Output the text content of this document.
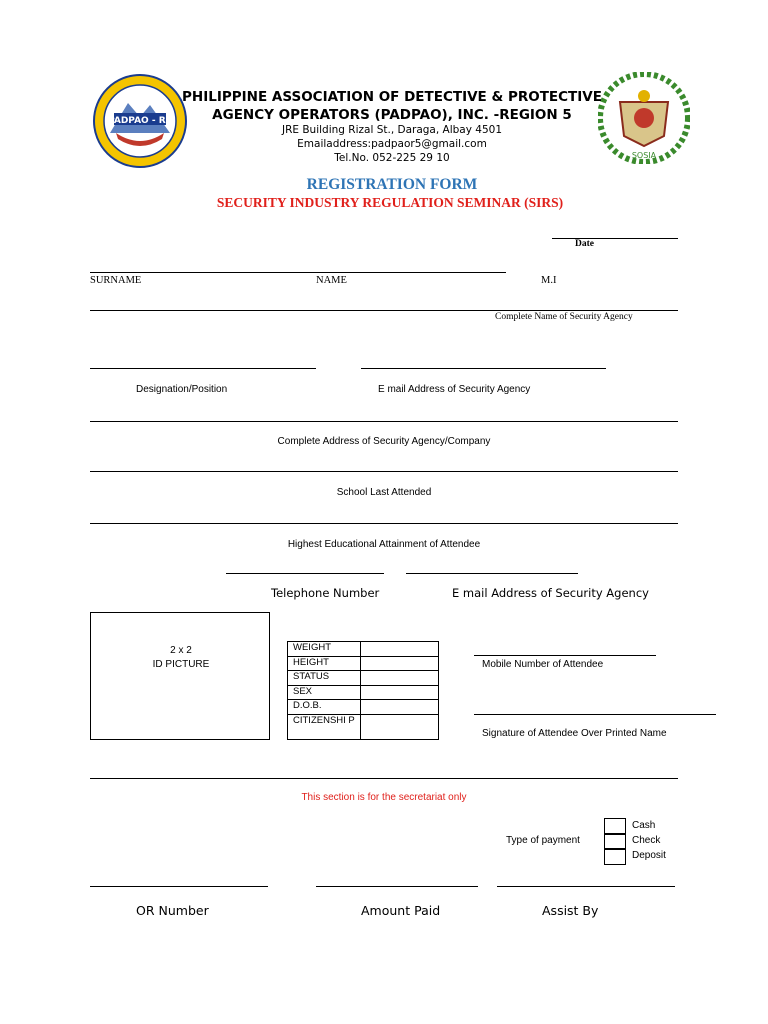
PADPAO - R5
SOSIA
PHILIPPINE ASSOCIATION OF DETECTIVE & PROTECTIVE
AGENCY OPERATORS (PADPAO), INC. -REGION 5
JRE Building Rizal St., Daraga, Albay 4501
Emailaddress:padpaor5@gmail.com
Tel.No. 052-225 29 10
REGISTRATION FORM
SECURITY INDUSTRY REGULATION SEMINAR (SIRS)
Date
SURNAME	NAME	M.I
Complete Name of Security Agency
Designation/Position	E mail Address of Security Agency
Complete Address of Security Agency/Company
School Last Attended
Highest Educational Attainment of Attendee
Telephone Number	E mail Address of Security Agency
2 x 2
ID PICTURE
WEIGHT	
HEIGHT	
STATUS	
SEX	
D.O.B.	
CITIZENSHI P	
Mobile Number of Attendee
Signature of Attendee Over Printed Name
This section is for the secretariat only
Type of payment
Cash
Check
Deposit
OR Number	Amount Paid	Assist By
